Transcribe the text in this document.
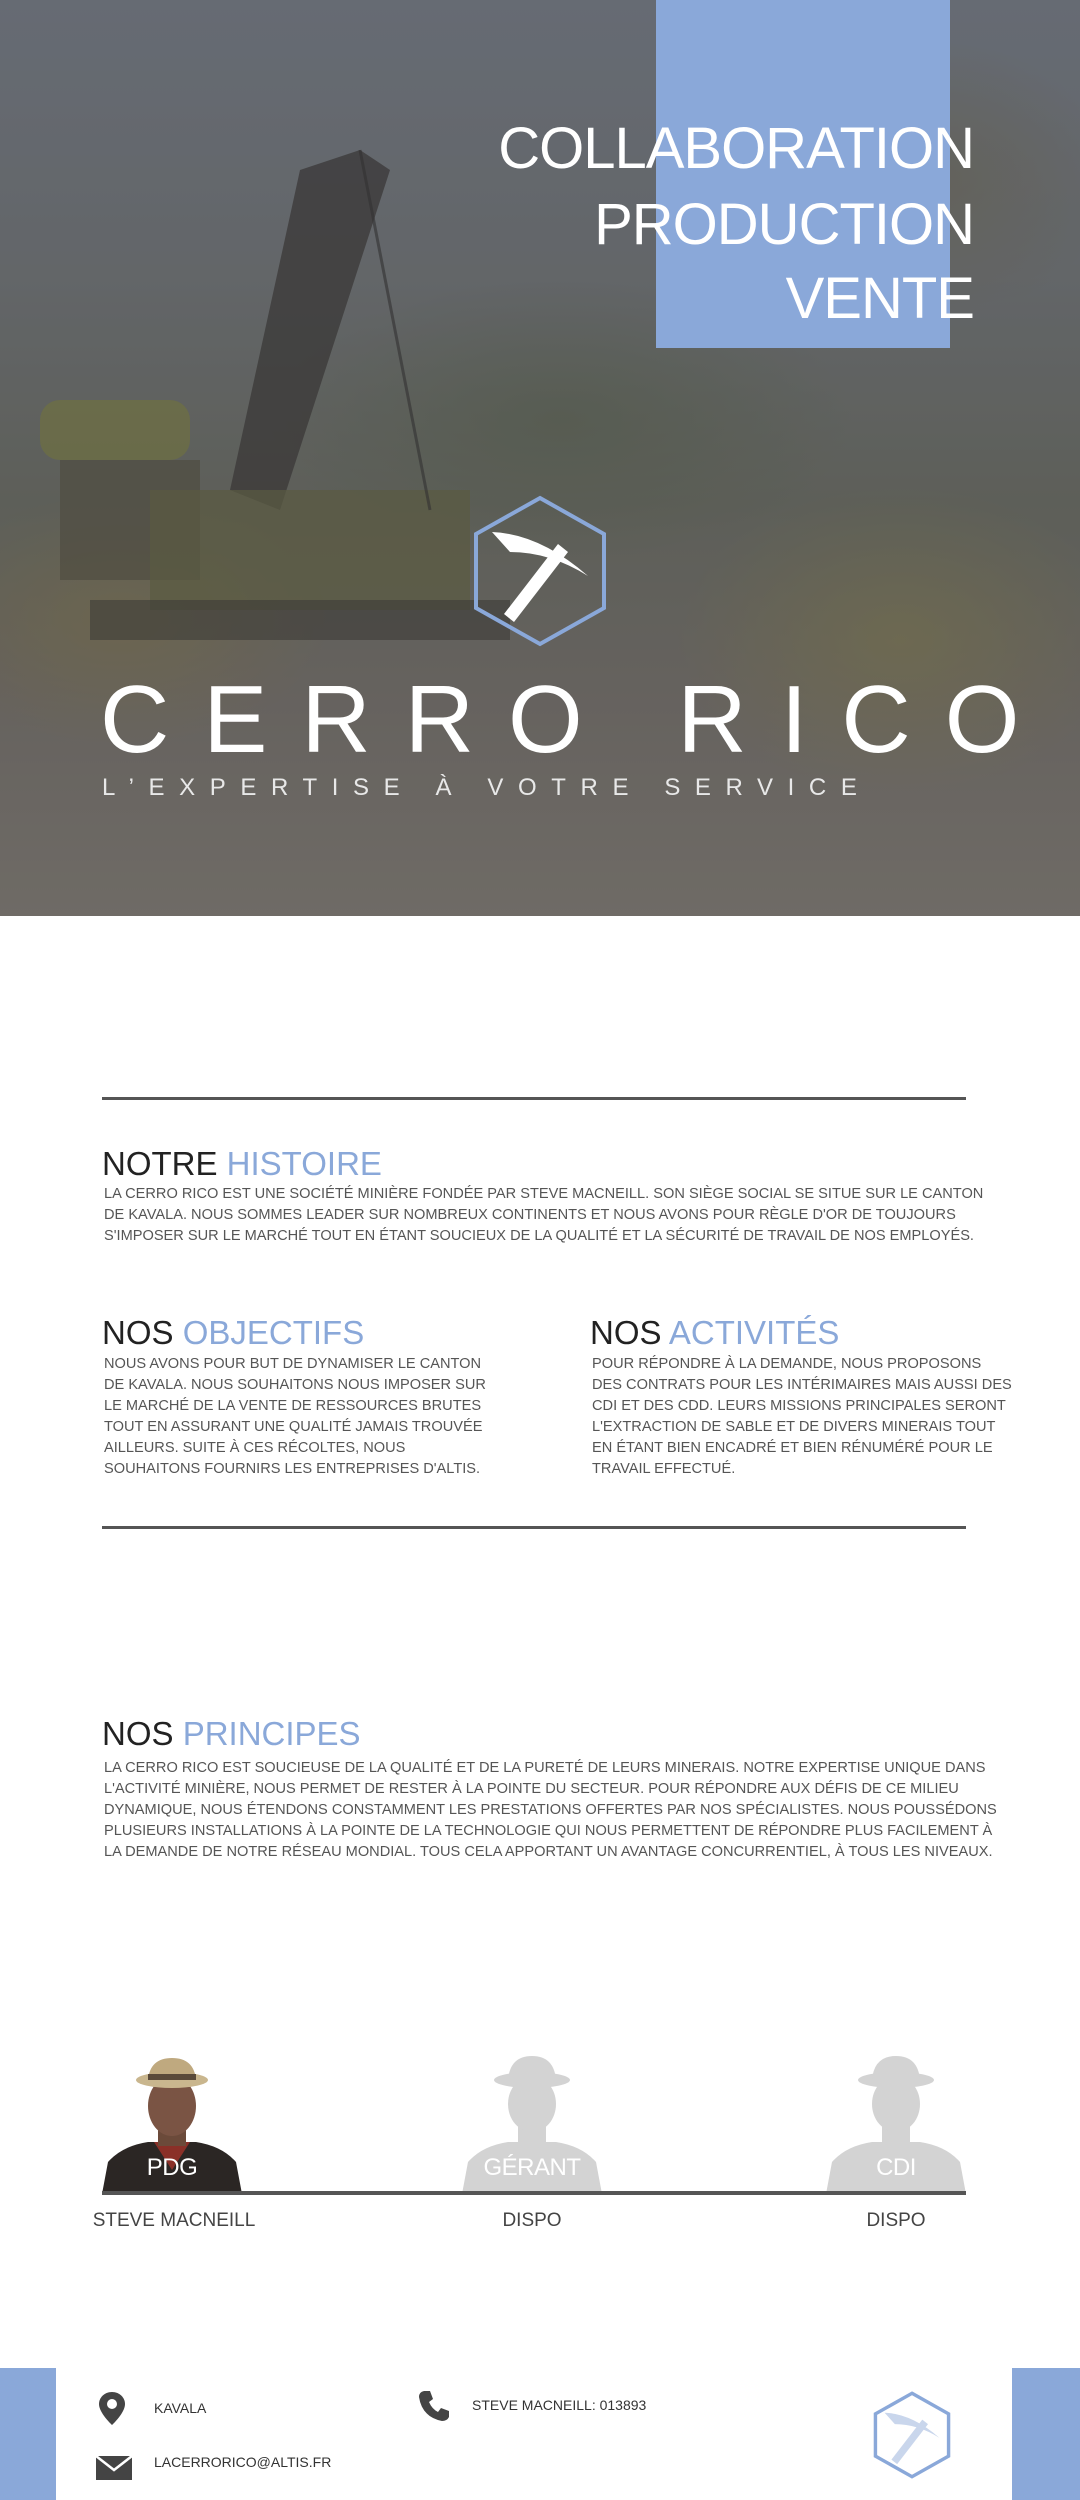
COLLABORATION
PRODUCTION
VENTE
CERRO RICO
L’EXPERTISE À VOTRE SERVICE
NOTRE HISTOIRE
LA CERRO RICO EST UNE SOCIÉTÉ MINIÈRE FONDÉE PAR STEVE MACNEILL. SON SIÈGE SOCIAL SE SITUE SUR LE CANTON DE KAVALA. NOUS SOMMES LEADER SUR NOMBREUX CONTINENTS ET NOUS AVONS POUR RÈGLE D'OR DE TOUJOURS S'IMPOSER SUR LE MARCHÉ TOUT EN ÉTANT SOUCIEUX DE LA QUALITÉ ET LA SÉCURITÉ DE TRAVAIL DE NOS EMPLOYÉS.
NOS OBJECTIFS
NOUS AVONS POUR BUT DE DYNAMISER LE CANTON DE KAVALA. NOUS SOUHAITONS NOUS IMPOSER SUR LE MARCHÉ DE LA VENTE DE RESSOURCES BRUTES TOUT EN ASSURANT UNE QUALITÉ JAMAIS TROUVÉE AILLEURS. SUITE À CES RÉCOLTES, NOUS SOUHAITONS FOURNIRS LES ENTREPRISES D'ALTIS.
NOS ACTIVITÉS
POUR RÉPONDRE À LA DEMANDE, NOUS PROPOSONS DES CONTRATS POUR LES INTÉRIMAIRES MAIS AUSSI DES CDI ET DES CDD. LEURS MISSIONS PRINCIPALES SERONT L'EXTRACTION DE SABLE ET DE DIVERS MINERAIS TOUT EN ÉTANT BIEN ENCADRÉ ET BIEN RÉNUMÉRÉ POUR LE TRAVAIL EFFECTUÉ.
NOS PRINCIPES
LA CERRO RICO EST SOUCIEUSE DE LA QUALITÉ ET DE LA PURETÉ DE LEURS MINERAIS. NOTRE EXPERTISE UNIQUE DANS L'ACTIVITÉ MINIÈRE, NOUS PERMET DE RESTER À LA POINTE DU SECTEUR. POUR RÉPONDRE AUX DÉFIS DE CE MILIEU DYNAMIQUE, NOUS ÉTENDONS CONSTAMMENT LES PRESTATIONS OFFERTES PAR NOS SPÉCIALISTES. NOUS POUSSÉDONS PLUSIEURS INSTALLATIONS À LA POINTE DE LA TECHNOLOGIE QUI NOUS PERMETTENT DE RÉPONDRE PLUS FACILEMENT À LA DEMANDE DE NOTRE RÉSEAU MONDIAL. TOUS CELA APPORTANT UN AVANTAGE CONCURRENTIEL, À TOUS LES NIVEAUX.
PDG	GÉRANT	CDI
STEVE MACNEILL	DISPO	DISPO
KAVALA
LACERRORICO@ALTIS.FR
STEVE MACNEILL: 013893
